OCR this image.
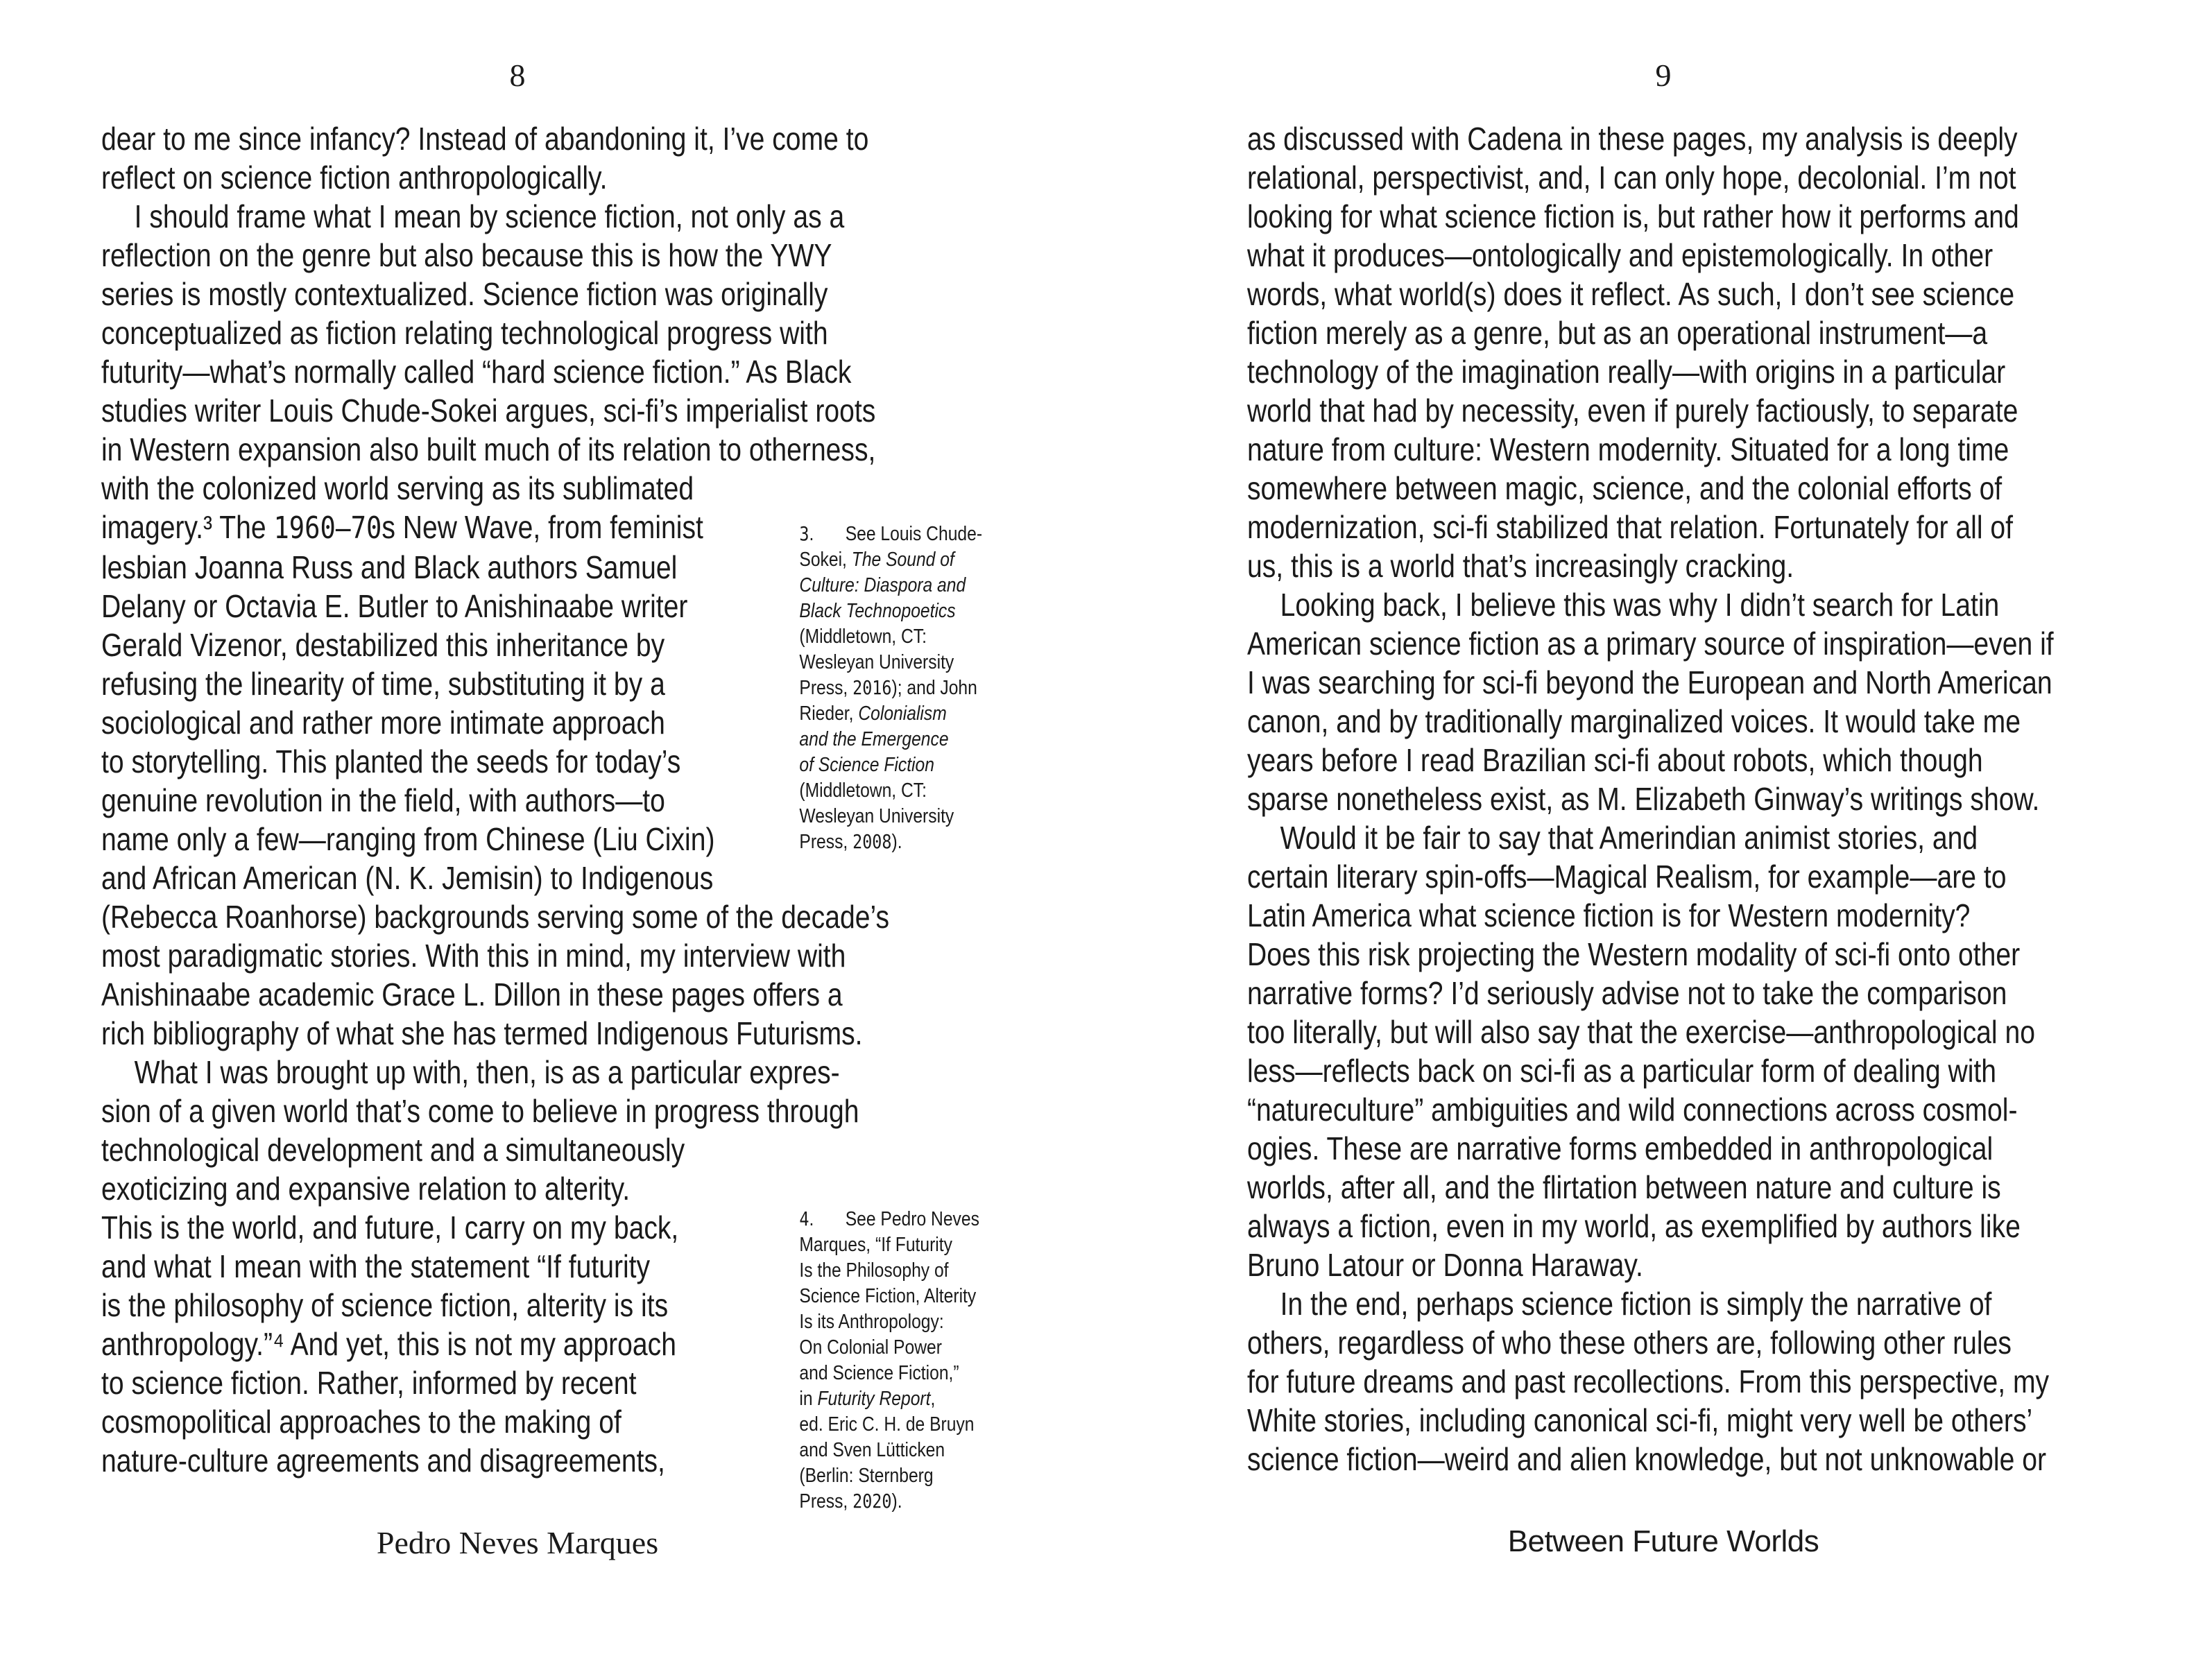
8	9
3. See Louis Chude-
Sokei, The Sound of
Culture: Diaspora and
Black Technopoetics
(Middletown, CT:
Wesleyan University
Press, 2016); and John
Rieder, Colonialism
and the Emergence
of Science Fiction
(Middletown, CT:
Wesleyan University
Press, 2008).
4. See Pedro Neves
Marques, “If Futurity
Is the Philosophy of
Science Fiction, Alterity
Is its Anthropology:
On Colonial Power
and Science Fiction,”
in Futurity Report,
ed. Eric C. H. de Bruyn
and Sven Lütticken
(Berlin: Sternberg
Press, 2020).
dear to me since infancy? Instead of abandoning it, I’ve come to
reflect on science fiction anthropologically.
I should frame what I mean by science fiction, not only as a
reflection on the genre but also because this is how the YWY
series is mostly contextualized. Science fiction was originally
conceptualized as fiction relating technological progress with
futurity—what’s normally called “hard science fiction.” As Black
studies writer Louis Chude-Sokei argues, sci-fi’s imperialist roots
in Western expansion also built much of its relation to otherness,
with the colonized world serving as its sublimated
imagery.³ The 1960–70s New Wave, from feminist
lesbian Joanna Russ and Black authors Samuel
Delany or Octavia E. Butler to Anishinaabe writer
Gerald Vizenor, destabilized this inheritance by
refusing the linearity of time, substituting it by a
sociological and rather more intimate approach
to storytelling. This planted the seeds for today’s
genuine revolution in the field, with authors—to
name only a few—ranging from Chinese (Liu Cixin)
and African American (N. K. Jemisin) to Indigenous
(Rebecca Roanhorse) backgrounds serving some of the decade’s
most paradigmatic stories. With this in mind, my interview with
Anishinaabe academic Grace L. Dillon in these pages offers a
rich bibliography of what she has termed Indigenous Futurisms.
What I was brought up with, then, is as a particular expres-
sion of a given world that’s come to believe in progress through
technological development and a simultaneously
exoticizing and expansive relation to alterity.
This is the world, and future, I carry on my back,
and what I mean with the statement “If futurity
is the philosophy of science fiction, alterity is its
anthropology.”⁴ And yet, this is not my approach
to science fiction. Rather, informed by recent
cosmopolitical approaches to the making of
nature-culture agreements and disagreements,
as discussed with Cadena in these pages, my analysis is deeply
relational, perspectivist, and, I can only hope, decolonial. I’m not
looking for what science fiction is, but rather how it performs and
what it produces—ontologically and epistemologically. In other
words, what world(s) does it reflect. As such, I don’t see science
fiction merely as a genre, but as an operational instrument—a
technology of the imagination really—with origins in a particular
world that had by necessity, even if purely factiously, to separate
nature from culture: Western modernity. Situated for a long time
somewhere between magic, science, and the colonial efforts of
modernization, sci-fi stabilized that relation. Fortunately for all of
us, this is a world that’s increasingly cracking.
Looking back, I believe this was why I didn’t search for Latin
American science fiction as a primary source of inspiration—even if
I was searching for sci-fi beyond the European and North American
canon, and by traditionally marginalized voices. It would take me
years before I read Brazilian sci-fi about robots, which though
sparse nonetheless exist, as M. Elizabeth Ginway’s writings show.
Would it be fair to say that Amerindian animist stories, and
certain literary spin-offs—Magical Realism, for example—are to
Latin America what science fiction is for Western modernity?
Does this risk projecting the Western modality of sci-fi onto other
narrative forms? I’d seriously advise not to take the comparison
too literally, but will also say that the exercise—anthropological no
less—reflects back on sci-fi as a particular form of dealing with
“natureculture” ambiguities and wild connections across cosmol-
ogies. These are narrative forms embedded in anthropological
worlds, after all, and the flirtation between nature and culture is
always a fiction, even in my world, as exemplified by authors like
Bruno Latour or Donna Haraway.
In the end, perhaps science fiction is simply the narrative of
others, regardless of who these others are, following other rules
for future dreams and past recollections. From this perspective, my
White stories, including canonical sci-fi, might very well be others’
science fiction—weird and alien knowledge, but not unknowable or
Pedro Neves Marques	Between Future Worlds
